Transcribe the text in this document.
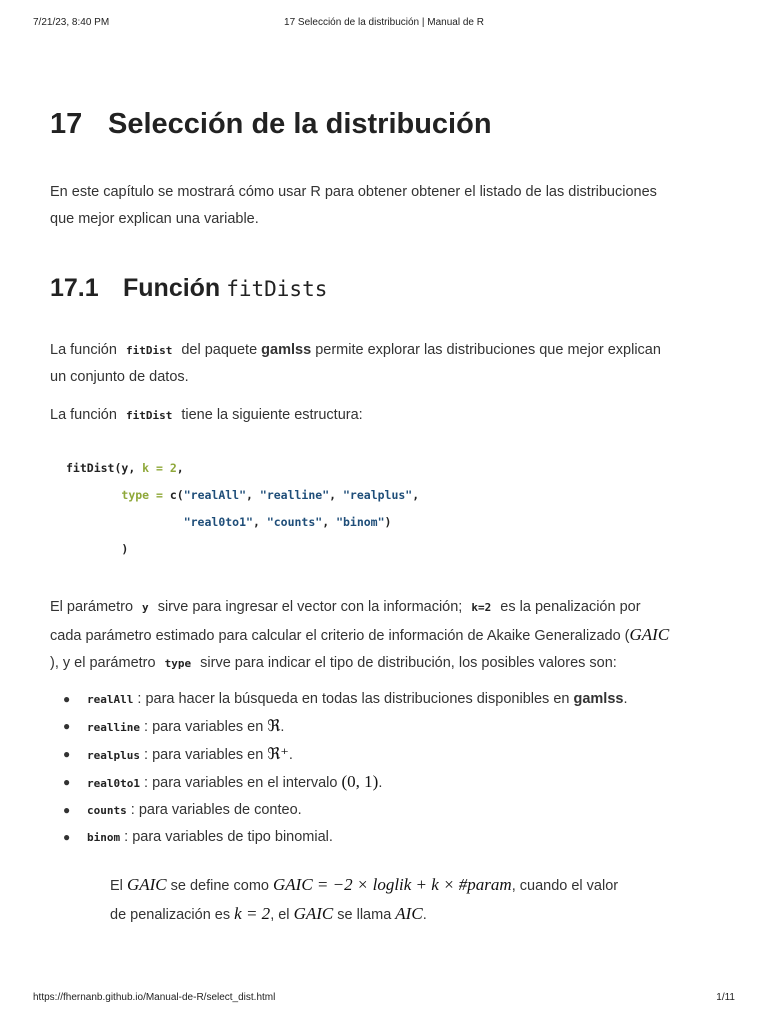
7/21/23, 8:40 PM	17 Selección de la distribución | Manual de R
17 Selección de la distribución

En este capítulo se mostrará cómo usar R para obtener obtener el listado de las distribuciones
que mejor explican una variable.

17.1 Función fitDists

La función fitDist del paquete gamlss permite explorar las distribuciones que mejor explican
un conjunto de datos.

La función fitDist tiene la siguiente estructura:

fitDist(y, k = 2,
type = c("realAll", "realline", "realplus",
"real0to1", "counts", "binom")
)

El parámetro y sirve para ingresar el vector con la información; k=2 es la penalización por
cada parámetro estimado para calcular el criterio de información de Akaike Generalizado (GAIC
), y el parámetro type sirve para indicar el tipo de distribución, los posibles valores son:

● realAll : para hacer la búsqueda en todas las distribuciones disponibles en gamlss.
● realline : para variables en ℜ.
● realplus : para variables en ℜ⁺.
● real0to1 : para variables en el intervalo (0, 1).
● counts : para variables de conteo.
● binom : para variables de tipo binomial.
El GAIC se define como GAIC = −2 × loglik + k × #param, cuando el valor
de penalización es k = 2, el GAIC se llama AIC.
https://fhernanb.github.io/Manual-de-R/select_dist.html	1/11
